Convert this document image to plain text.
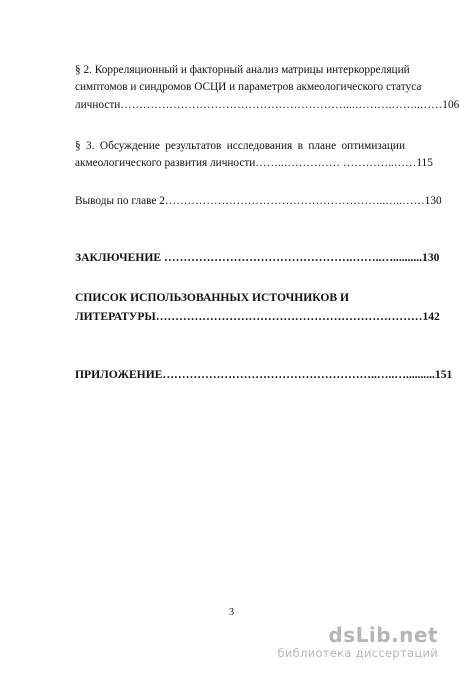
§ 2. Корреляционный и факторный анализ матрицы интеркорреляций
симптомов и синдромов ОСЦИ и параметров акмеологического статуса
личности……………………………………………………...……….……..……106
§ 3. Обсуждение результатов исследования в плане оптимизации
акмеологического развития личности……..…………… …………..……115
Выводы по главе 2…………………………………………………..…..……130
ЗАКЛЮЧЕНИЕ ………………………………………….……..…..........130
СПИСОК ИСПОЛЬЗОВАННЫХ ИСТОЧНИКОВ И
ЛИТЕРАТУРЫ……………………………………………………………142
ПРИЛОЖЕНИЕ………………………………………………..…..…..........151
3
dsLib.net
библиотека диссертаций
